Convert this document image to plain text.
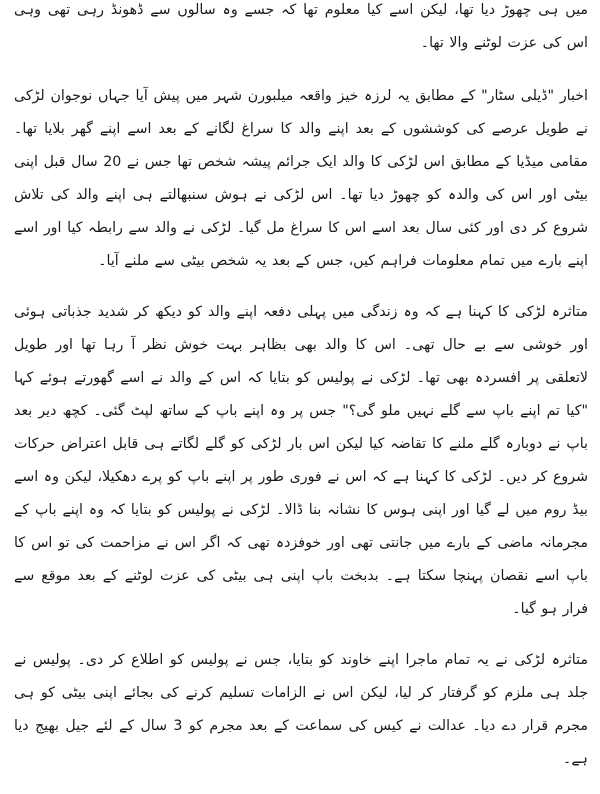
میں ہی چھوڑ دیا تھا، لیکن اسے کیا معلوم تھا کہ جسے وہ سالوں سے ڈھونڈ رہی تھی وہی اس کی عزت لوٹنے والا تھا۔

اخبار "ڈیلی سٹار" کے مطابق یہ لرزہ خیز واقعہ میلبورن شہر میں پیش آیا جہاں نوجوان لڑکی نے طویل عرصے کی کوششوں کے بعد اپنے والد کا سراغ لگانے کے بعد اسے اپنے گھر بلایا تھا۔ مقامی میڈیا کے مطابق اس لڑکی کا والد ایک جرائم پیشہ شخص تھا جس نے 20 سال قبل اپنی بیٹی اور اس کی والدہ کو چھوڑ دیا تھا۔ اس لڑکی نے ہوش سنبھالتے ہی اپنے والد کی تلاش شروع کر دی اور کئی سال بعد اسے اس کا سراغ مل گیا۔ لڑکی نے والد سے رابطہ کیا اور اسے اپنے بارے میں تمام معلومات فراہم کیں، جس کے بعد یہ شخص بیٹی سے ملنے آیا۔

متاثرہ لڑکی کا کہنا ہے کہ وہ زندگی میں پہلی دفعہ اپنے والد کو دیکھ کر شدید جذباتی ہوئی اور خوشی سے بے حال تھی۔ اس کا والد بھی بظاہر بہت خوش نظر آ رہا تھا اور طویل لاتعلقی پر افسردہ بھی تھا۔ لڑکی نے پولیس کو بتایا کہ اس کے والد نے اسے گھورتے ہوئے کہا "کیا تم اپنے باپ سے گلے نہیں ملو گی؟" جس پر وہ اپنے باپ کے ساتھ لپٹ گئی۔ کچھ دیر بعد باپ نے دوبارہ گلے ملنے کا تقاضہ کیا لیکن اس بار لڑکی کو گلے لگاتے ہی قابل اعتراض حرکات شروع کر دیں۔ لڑکی کا کہنا ہے کہ اس نے فوری طور پر اپنے باپ کو پرے دھکیلا، لیکن وہ اسے بیڈ روم میں لے گیا اور اپنی ہوس کا نشانہ بنا ڈالا۔ لڑکی نے پولیس کو بتایا کہ وہ اپنے باپ کے مجرمانہ ماضی کے بارے میں جانتی تھی اور خوفزدہ تھی کہ اگر اس نے مزاحمت کی تو اس کا باپ اسے نقصان پہنچا سکتا ہے۔ بدبخت باپ اپنی ہی بیٹی کی عزت لوٹنے کے بعد موقع سے فرار ہو گیا۔

متاثرہ لڑکی نے یہ تمام ماجرا اپنے خاوند کو بتایا، جس نے پولیس کو اطلاع کر دی۔ پولیس نے جلد ہی ملزم کو گرفتار کر لیا، لیکن اس نے الزامات تسلیم کرنے کی بجائے اپنی بیٹی کو ہی مجرم قرار دے دیا۔ عدالت نے کیس کی سماعت کے بعد مجرم کو 3 سال کے لئے جیل بھیج دیا ہے۔
